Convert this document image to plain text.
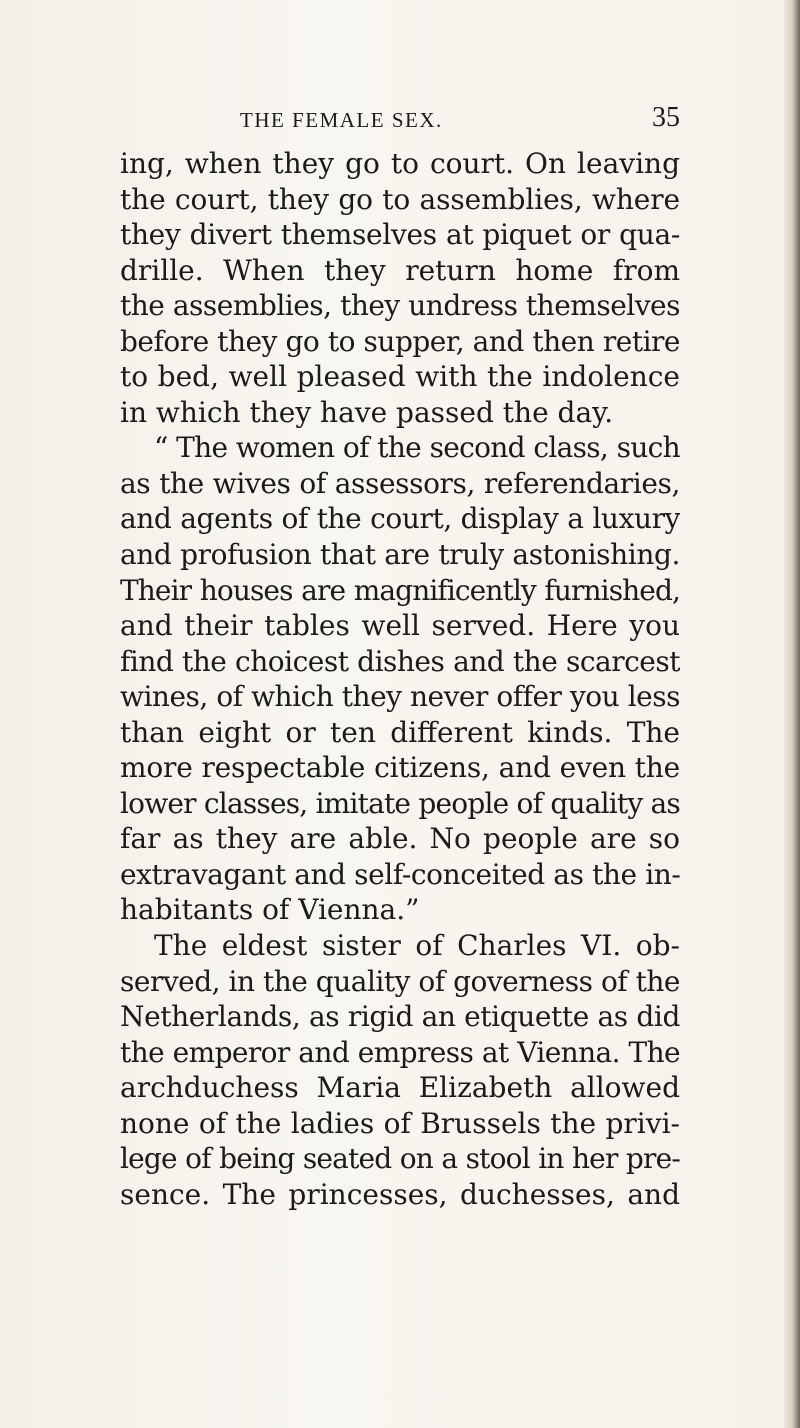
THE FEMALE SEX.	35
ing, when they go to court. On leaving
the court, they go to assemblies, where
they divert themselves at piquet or qua-
drille. When they return home from
the assemblies, they undress themselves
before they go to supper, and then retire
to bed, well pleased with the indolence
in which they have passed the day.
“ The women of the second class, such
as the wives of assessors, referendaries,
and agents of the court, display a luxury
and profusion that are truly astonishing.
Their houses are magnificently furnished,
and their tables well served. Here you
find the choicest dishes and the scarcest
wines, of which they never offer you less
than eight or ten different kinds. The
more respectable citizens, and even the
lower classes, imitate people of quality as
far as they are able. No people are so
extravagant and self-conceited as the in-
habitants of Vienna.”
The eldest sister of Charles VI. ob-
served, in the quality of governess of the
Netherlands, as rigid an etiquette as did
the emperor and empress at Vienna. The
archduchess Maria Elizabeth allowed
none of the ladies of Brussels the privi-
lege of being seated on a stool in her pre-
sence. The princesses, duchesses, and
